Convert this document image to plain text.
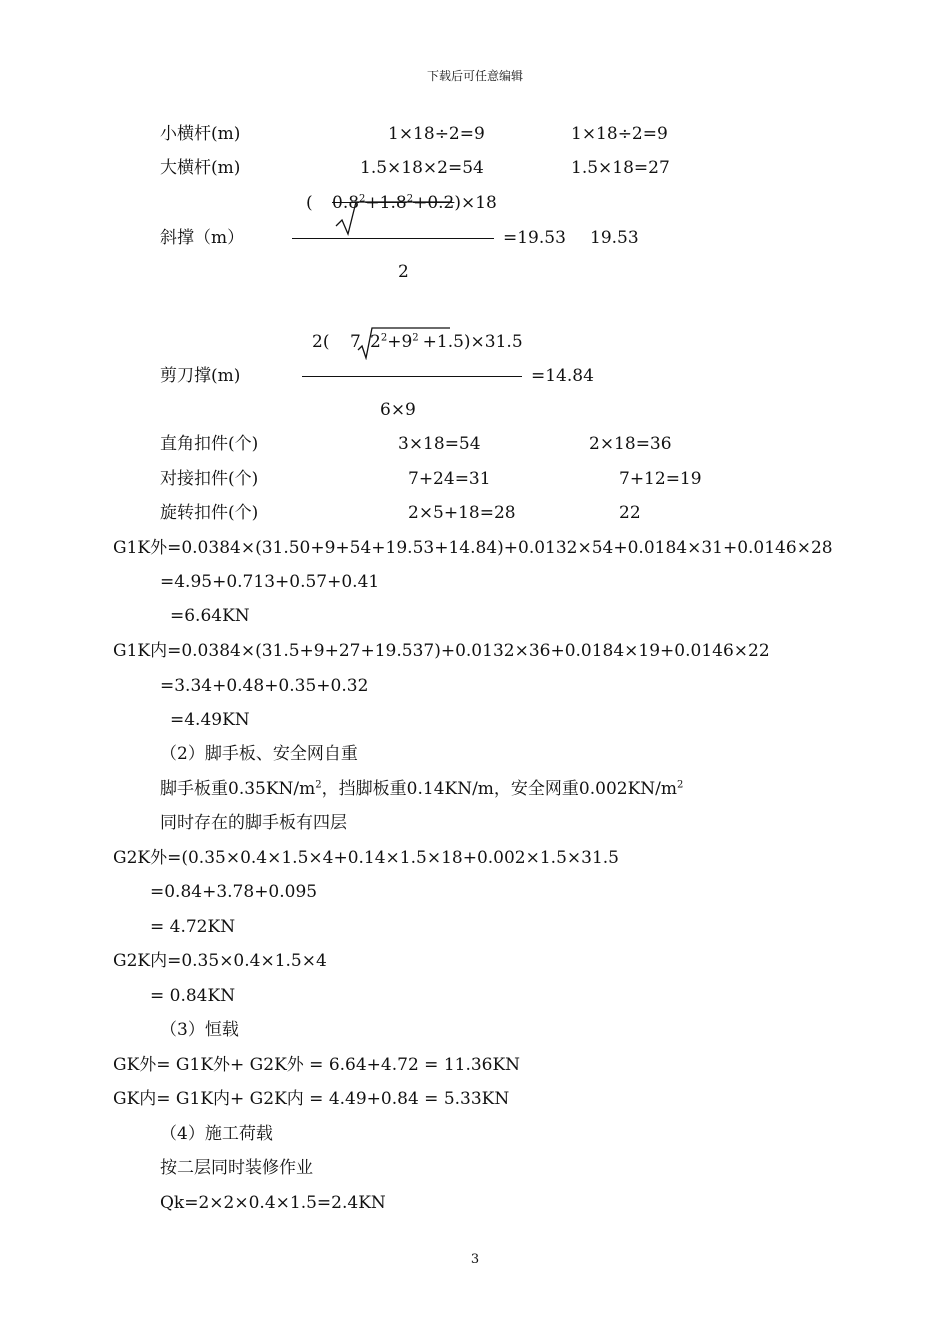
下载后可任意编辑
小横杆(m)	1×18÷2=9	1×18÷2=9
大横杆(m)	1.5×18×2=54	1.5×18=27
( $0.8^2+1.8^2+0.2)\times 18$
斜撑（m）	=19.53 19.53
2
2( 7 $2^2+9^2 +1.5)\times 31.5$
剪刀撑(m)	=14.84
6×9
直角扣件(个)	3×18=54	2×18=36
对接扣件(个)	7+24=31	7+12=19
旋转扣件(个)	2×5+18=28	22
G1K外=0.0384×(31.50+9+54+19.53+14.84)+0.0132×54+0.0184×31+0.0146×28
=4.95+0.713+0.57+0.41
=6.64KN
G1K内=0.0384×(31.5+9+27+19.537)+0.0132×36+0.0184×19+0.0146×22
=3.34+0.48+0.35+0.32
=4.49KN
（2）脚手板、安全网自重
脚手板重$0.35KN/m^2$，挡脚板重0.14KN/m，安全网重$0.002KN/m^2$
同时存在的脚手板有四层
G2K外=(0.35×0.4×1.5×4+0.14×1.5×18+0.002×1.5×31.5
=0.84+3.78+0.095
= 4.72KN
G2K内=0.35×0.4×1.5×4
= 0.84KN
（3）恒载
GK外= G1K外+ G2K外 = 6.64+4.72 = 11.36KN
GK内= G1K内+ G2K内 = 4.49+0.84 = 5.33KN
（4）施工荷载
按二层同时装修作业
Qk=2×2×0.4×1.5=2.4KN
3
